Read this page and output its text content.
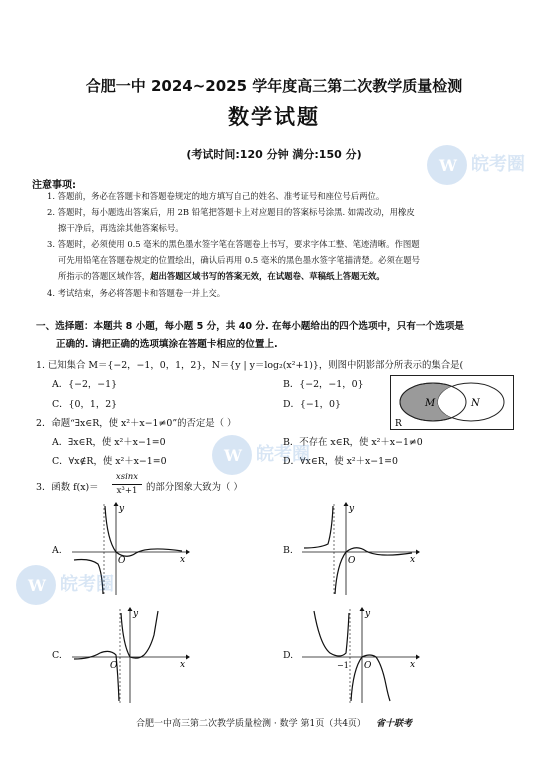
合肥一中 2024~2025 学年度高三第二次教学质量检测
数学试题
(考试时间:120 分钟 满分:150 分)
注意事项:
1. 答题前，务必在答题卡和答题卷规定的地方填写自己的姓名、准考证号和座位号后两位。
2. 答题时，每小题选出答案后，用 2B 铅笔把答题卡上对应题目的答案标号涂黑. 如需改动，用橡皮
擦干净后，再选涂其他答案标号。
3. 答题时，必须使用 0.5 毫米的黑色墨水签字笔在答题卷上书写，要求字体工整、笔迹清晰。作图题
可先用铅笔在答题卷规定的位置绘出，确认后再用 0.5 毫米的黑色墨水签字笔描清楚。必须在题号
所指示的答题区域作答，超出答题区域书写的答案无效，在试题卷、草稿纸上答题无效。
4. 考试结束，务必将答题卡和答题卷一并上交。
一、选择题：本题共 8 小题，每小题 5 分，共 40 分. 在每小题给出的四个选项中，只有一个选项是
正确的. 请把正确的选项填涂在答题卡相应的位置上.
1. 已知集合 M＝{−2，−1，0，1，2}，N＝{y | y＝log₂(x²+1)}，则图中阴影部分所表示的集合是(
A．{−2，−1}	B．{−2，−1，0}
C．{0，1，2}	D．{−1，0}	M	N
R
2．命题“∃x∈R，使 x²＋x−1≠0”的否定是（ ）
A．∃x∈R，使 x²＋x−1=0	B．不存在 x∈R，使 x²＋x−1≠0
C．∀x∉R，使 x²＋x−1=0	D．∀x∈R，使 x²＋x−1=0
3．函数 f(x)＝
xsinx
x³+1 的部分图象大致为（ ）
A.
x
y
O
B.
x
y
O
C.
x
y
O
D.
x
y
−1 O
W 皖考圈
W 皖考圈
W 皖考圈
合肥一中高三第二次教学质量检测 · 数学 第1页（共4页） 省十联考
